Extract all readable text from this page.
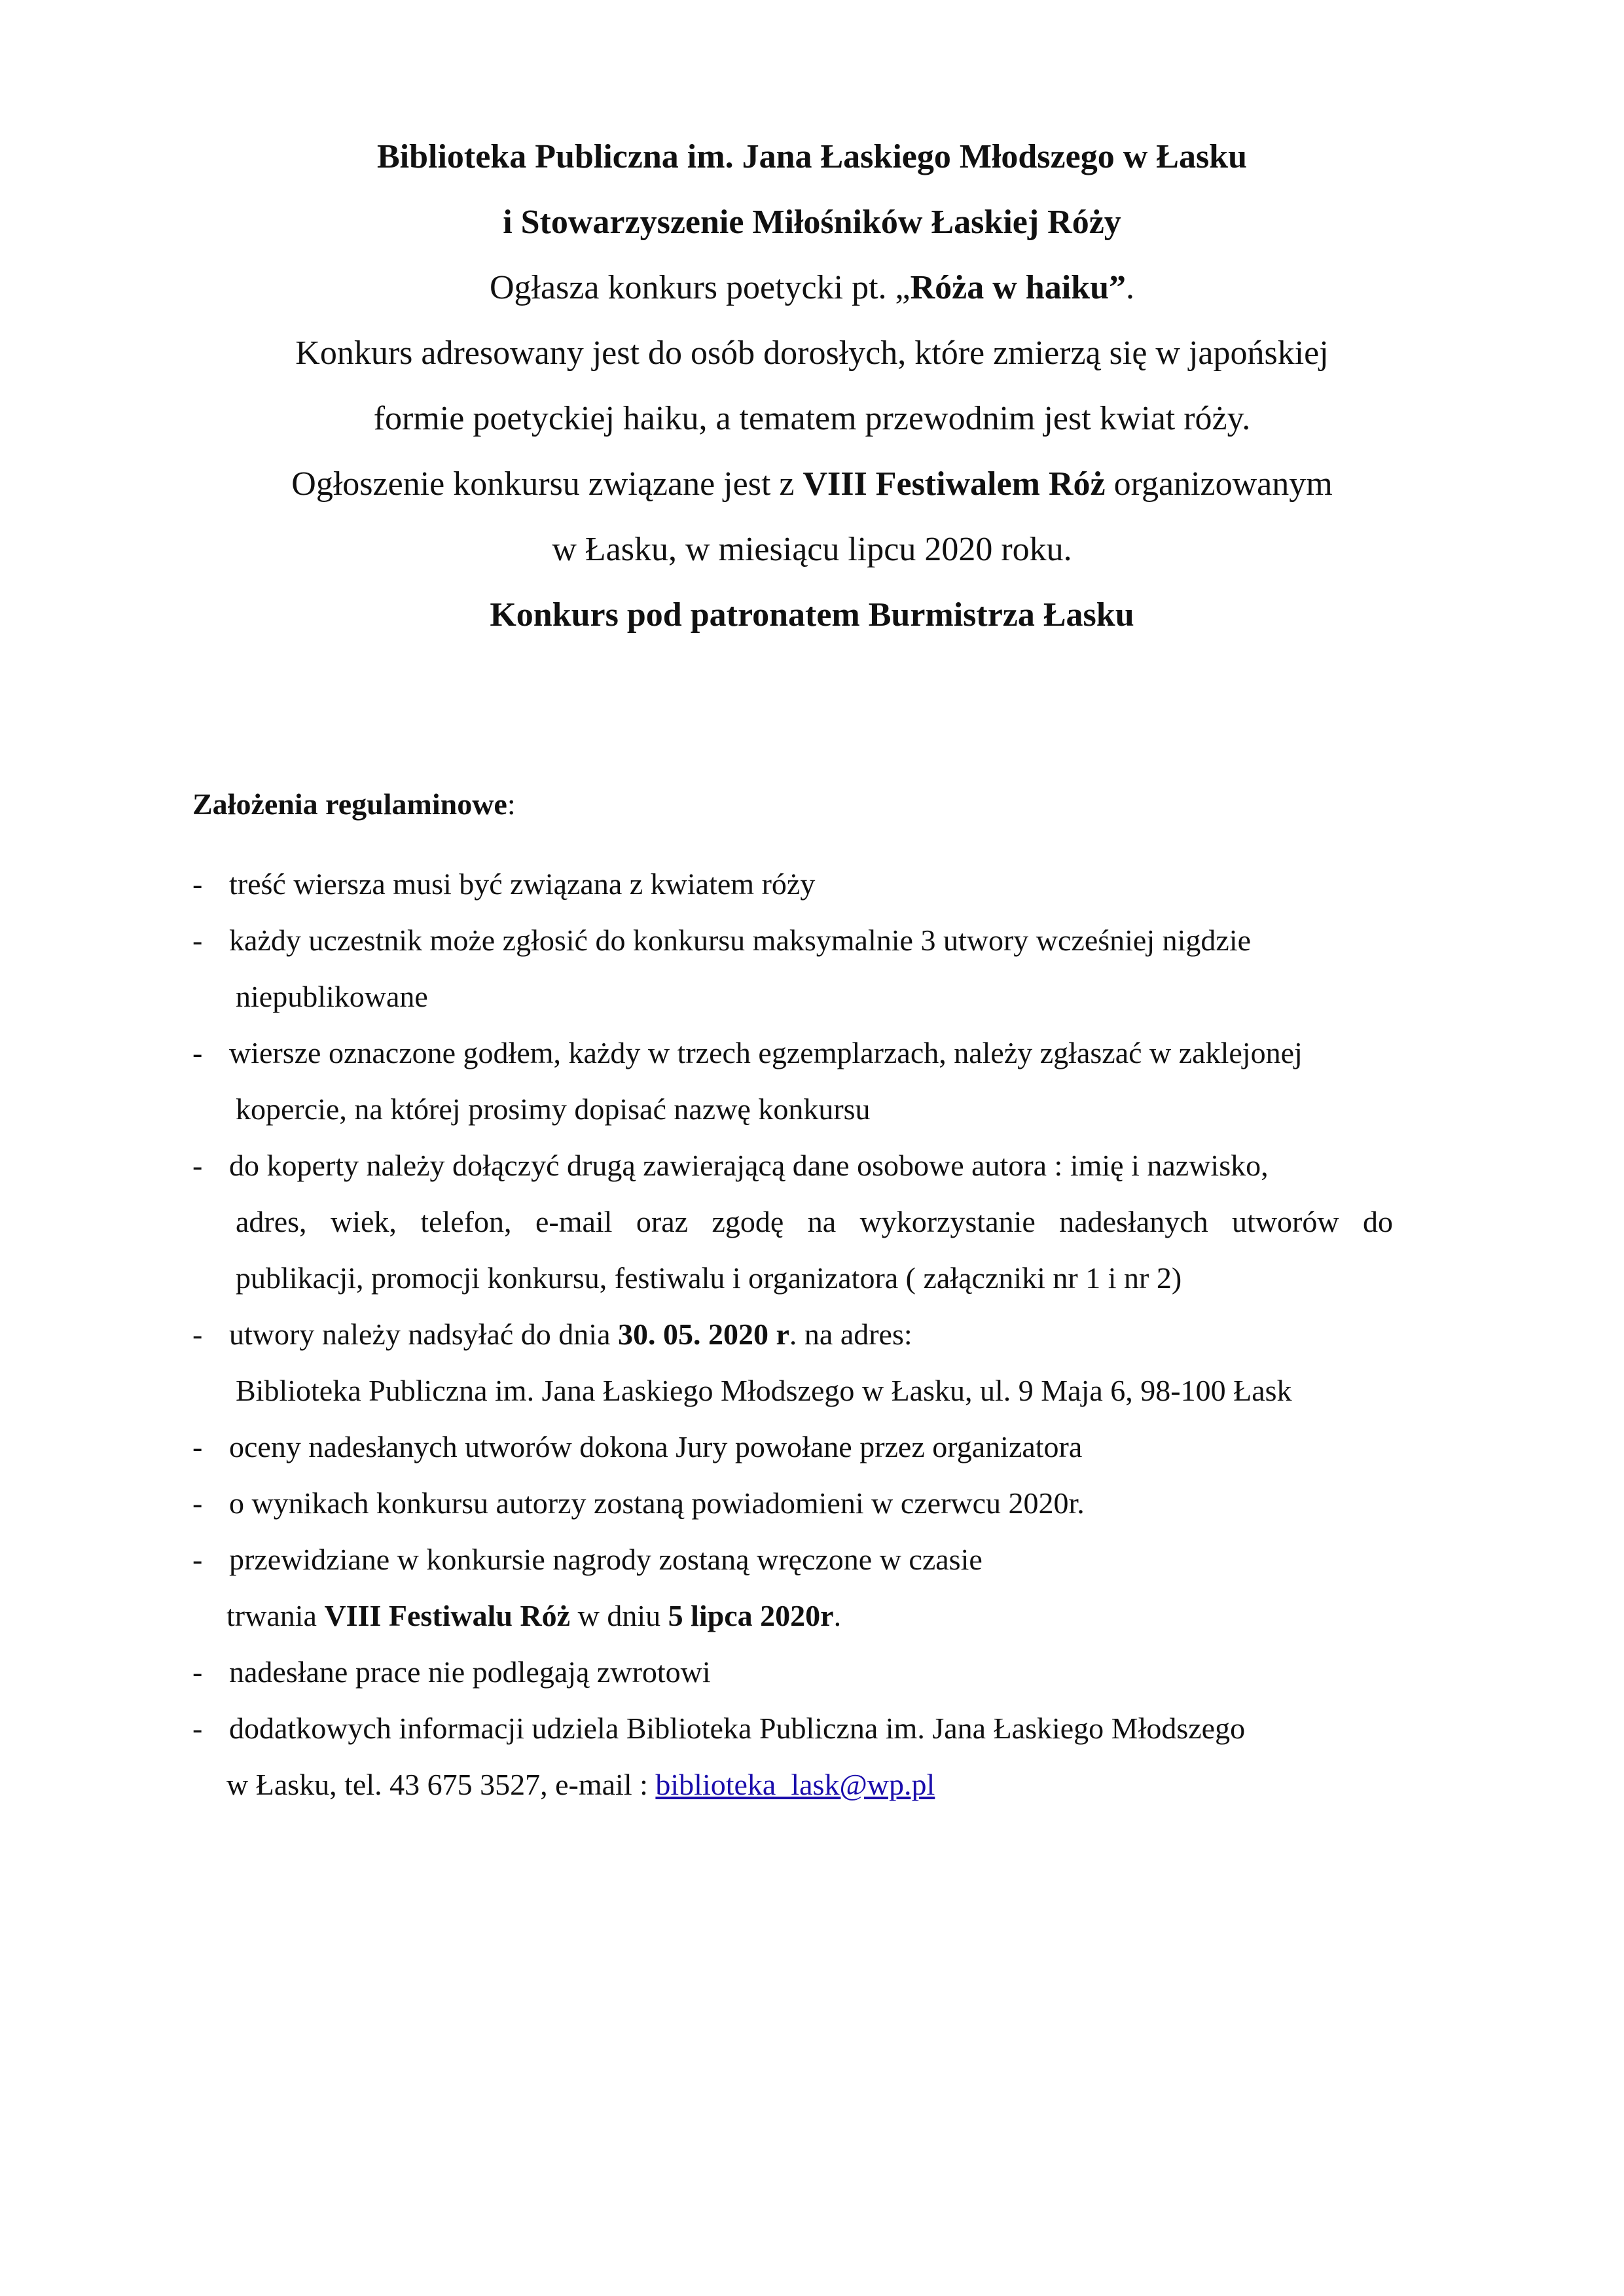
Biblioteka Publiczna im. Jana Łaskiego Młodszego w Łasku
i Stowarzyszenie Miłośników Łaskiej Róży
Ogłasza konkurs poetycki pt. „Róża w haiku”.
Konkurs adresowany jest do osób dorosłych, które zmierzą się w japońskiej
formie poetyckiej haiku, a tematem przewodnim jest kwiat róży.
Ogłoszenie konkursu związane jest z VIII Festiwalem Róż organizowanym
w Łasku, w miesiącu lipcu 2020 roku.
Konkurs pod patronatem Burmistrza Łasku
Założenia regulaminowe:
- treść wiersza musi być związana z kwiatem róży
- każdy uczestnik może zgłosić do konkursu maksymalnie 3 utwory wcześniej nigdzie
niepublikowane
- wiersze oznaczone godłem, każdy w trzech egzemplarzach, należy zgłaszać w zaklejonej
kopercie, na której prosimy dopisać nazwę konkursu
- do koperty należy dołączyć drugą zawierającą dane osobowe autora : imię i nazwisko,
adres, wiek, telefon, e-mail oraz zgodę na wykorzystanie nadesłanych utworów do
publikacji, promocji konkursu, festiwalu i organizatora ( załączniki nr 1 i nr 2)
- utwory należy nadsyłać do dnia 30. 05. 2020 r. na adres:
Biblioteka Publiczna im. Jana Łaskiego Młodszego w Łasku, ul. 9 Maja 6, 98-100 Łask
- oceny nadesłanych utworów dokona Jury powołane przez organizatora
- o wynikach konkursu autorzy zostaną powiadomieni w czerwcu 2020r.
- przewidziane w konkursie nagrody zostaną wręczone w czasie
trwania VIII Festiwalu Róż w dniu 5 lipca 2020r.
- nadesłane prace nie podlegają zwrotowi
- dodatkowych informacji udziela Biblioteka Publiczna im. Jana Łaskiego Młodszego
w Łasku, tel. 43 675 3527, e-mail : biblioteka_lask@wp.pl
